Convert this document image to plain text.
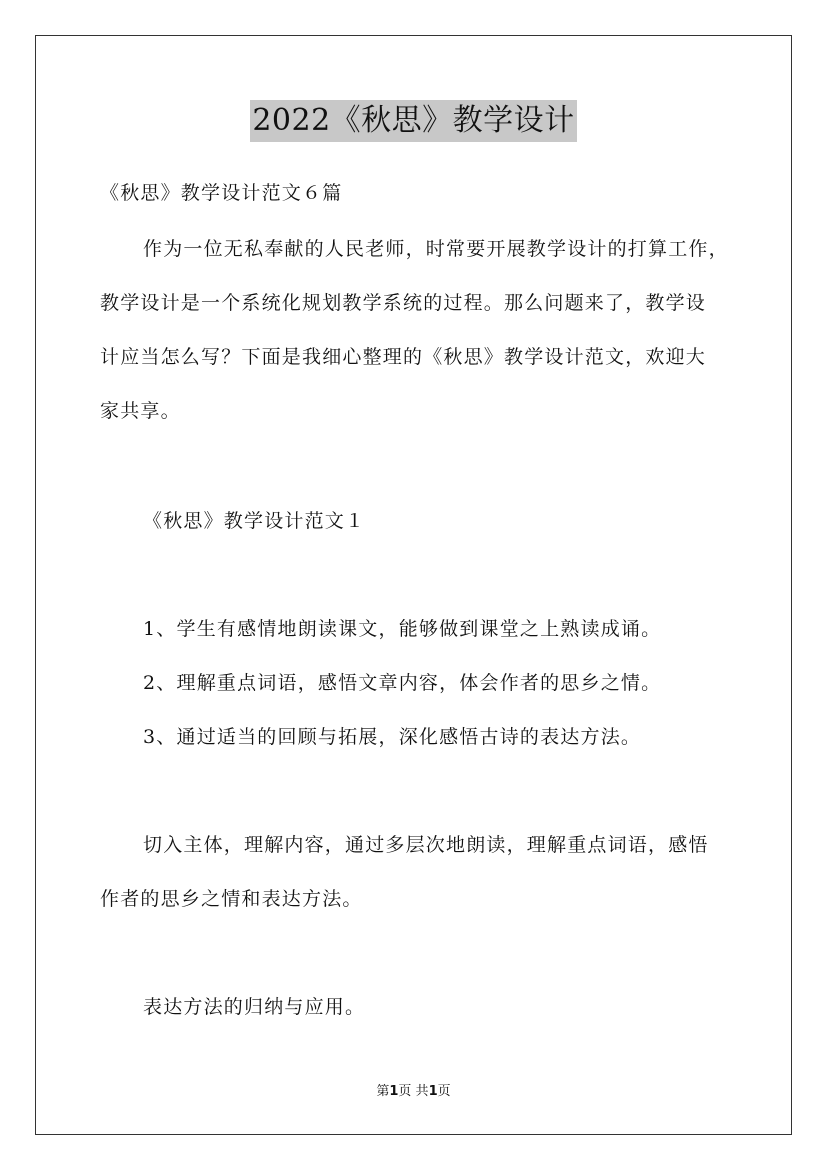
2022《秋思》教学设计
《秋思》教学设计范文６篇
作为一位无私奉献的人民老师，时常要开展教学设计的打算工作，
教学设计是一个系统化规划教学系统的过程。那么问题来了，教学设
计应当怎么写？下面是我细心整理的《秋思》教学设计范文，欢迎大
家共享。
《秋思》教学设计范文１
1、学生有感情地朗读课文，能够做到课堂之上熟读成诵。
2、理解重点词语，感悟文章内容，体会作者的思乡之情。
3、通过适当的回顾与拓展，深化感悟古诗的表达方法。
切入主体，理解内容，通过多层次地朗读，理解重点词语，感悟
作者的思乡之情和表达方法。
表达方法的归纳与应用。
第1页 共1页
